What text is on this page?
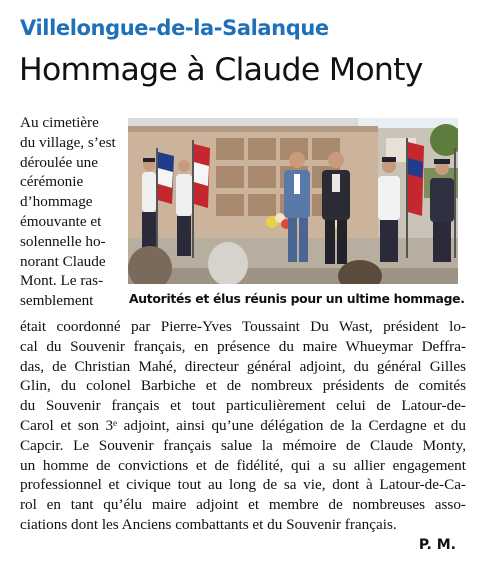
Villelongue-de-la-Salanque
Hommage à Claude Monty
Au cimetière
du village, s’est
déroulée une
cérémonie
d’hommage
émouvante et
solennelle ho-
norant Claude
Mont. Le ras-
semblement	Autorités et élus réunis pour un ultime hommage.
était coordonné par Pierre-Yves Toussaint Du Wast, président lo-
cal du Souvenir français, en présence du maire Whueymar Deffra-
das, de Christian Mahé, directeur général adjoint, du général Gilles
Glin, du colonel Barbiche et de nombreux présidents de comités
du Souvenir français et tout particulièrement celui de Latour-de-
Carol et son 3ᵉ adjoint, ainsi qu’une délégation de la Cerdagne et du
Capcir. Le Souvenir français salue la mémoire de Claude Monty,
un homme de convictions et de fidélité, qui a su allier engagement
professionnel et civique tout au long de sa vie, dont à Latour-de-Ca-
rol en tant qu’élu maire adjoint et membre de nombreuses asso-
ciations dont les Anciens combattants et du Souvenir français.
P. M.
